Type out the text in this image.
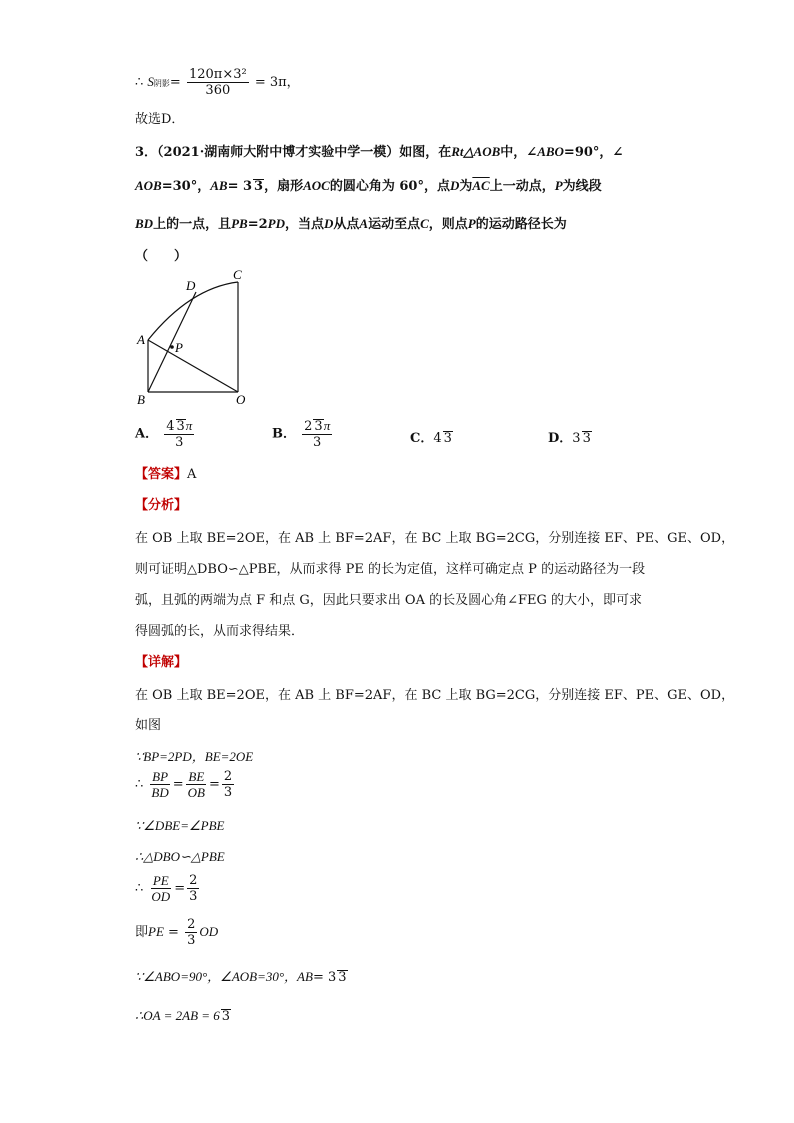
∴ S阴影= $\frac{\text{120π×3²}}{360} = 3\pi$，
故选D．
3．（2021·湖南师大附中博才实验中学一模）如图，在Rt△AOB中，∠ABO=90°，∠
AOB=30°，AB= 3 3，扇形AOC的圆心角为 60°，点D为$\overline{AC}$上一动点，P为线段
BD上的一点，且PB=2PD，当点D从点A运动至点C，则点P的运动路径长为
（　　）
C
D
A
P
B	O
A． $\frac{4 3\pi}{3}$	B． $\frac{2 3\pi}{3}$	C．4 3	D．3 3
【答案】A
【分析】
在 OB 上取 BE=2OE，在 AB 上 BF=2AF，在 BC 上取 BG=2CG，分别连接 EF、PE、GE、OD，
则可证明△DBO∽△PBE，从而求得 PE 的长为定值，这样可确定点 P 的运动路径为一段
弧，且弧的两端为点 F 和点 G，因此只要求出 OA 的长及圆心角∠FEG 的大小，即可求
得圆弧的长，从而求得结果．
【详解】
在 OB 上取 BE=2OE，在 AB 上 BF=2AF，在 BC 上取 BG=2CG，分别连接 EF、PE、GE、OD，
如图
∵BP=2PD，BE=2OE
∴ $\frac{BP}{BD} = \frac{BE}{OB} = \frac{2}{3}$
∵∠DBE=∠PBE
∴△DBO∽△PBE
∴ $\frac{PE}{OD} = \frac{2}{3}$
即PE = $\frac{2}{3}$ OD
∵∠ABO=90°，∠AOB=30°，AB= 3 3
∴OA = 2AB = 6 3
